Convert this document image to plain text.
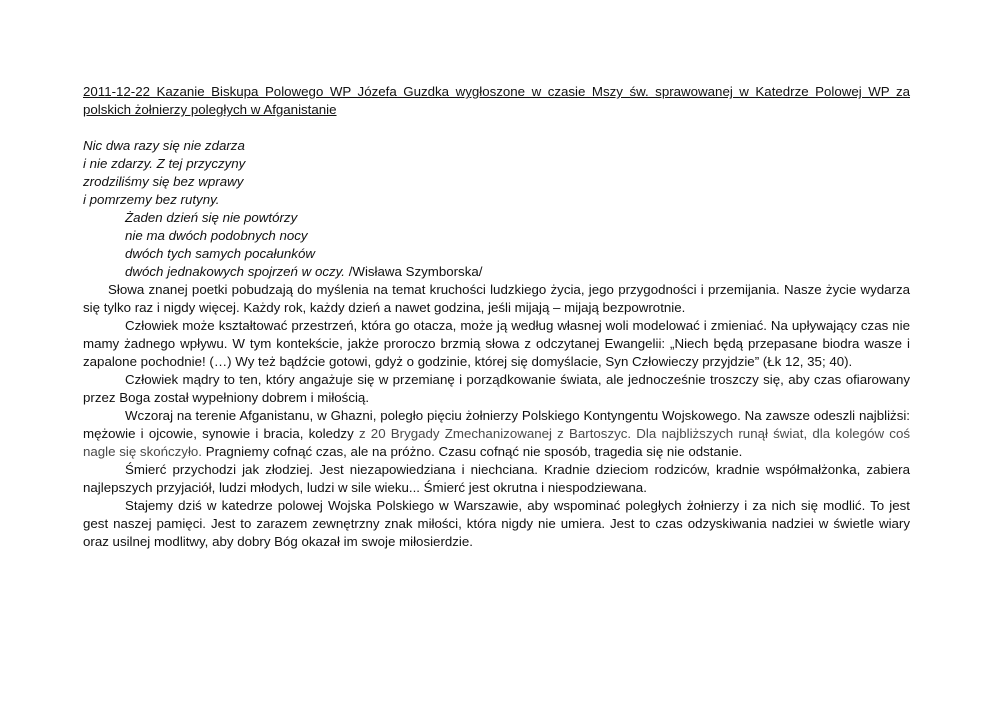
2011-12-22 Kazanie Biskupa Polowego WP Józefa Guzdka wygłoszone w czasie Mszy św. sprawowanej w Katedrze Polowej WP za polskich żołnierzy poległych w Afganistanie
Nic dwa razy się nie zdarza
i nie zdarzy. Z tej przyczyny
zrodziliśmy się bez wprawy
i pomrzemy bez rutyny.
Żaden dzień się nie powtórzy
nie ma dwóch podobnych nocy
dwóch tych samych pocałunków
dwóch jednakowych spojrzeń w oczy. /Wisława Szymborska/

Słowa znanej poetki pobudzają do myślenia na temat kruchości ludzkiego życia, jego przygodności i przemijania. Nasze życie wydarza się tylko raz i nigdy więcej. Każdy rok, każdy dzień a nawet godzina, jeśli mijają – mijają bezpowrotnie.

Człowiek może kształtować przestrzeń, która go otacza, może ją według własnej woli modelować i zmieniać. Na upływający czas nie mamy żadnego wpływu. W tym kontekście, jakże proroczo brzmią słowa z odczytanej Ewangelii: „Niech będą przepasane biodra wasze i zapalone pochodnie! (…) Wy też bądźcie gotowi, gdyż o godzinie, której się domyślacie, Syn Człowieczy przyjdzie” (Łk 12, 35; 40).

Człowiek mądry to ten, który angażuje się w przemianę i porządkowanie świata, ale jednocześnie troszczy się, aby czas ofiarowany przez Boga został wypełniony dobrem i miłością.

Wczoraj na terenie Afganistanu, w Ghazni, poległo pięciu żołnierzy Polskiego Kontyngentu Wojskowego. Na zawsze odeszli najbliżsi: mężowie i ojcowie, synowie i bracia, koledzy z 20 Brygady Zmechanizowanej z Bartoszyc. Dla najbliższych runął świat, dla kolegów coś nagle się skończyło. Pragniemy cofnąć czas, ale na próżno. Czasu cofnąć nie sposób, tragedia się nie odstanie.

Śmierć przychodzi jak złodziej. Jest niezapowiedziana i niechciana. Kradnie dzieciom rodziców, kradnie współmałżonka, zabiera najlepszych przyjaciół, ludzi młodych, ludzi w sile wieku... Śmierć jest okrutna i niespodziewana.

Stajemy dziś w katedrze polowej Wojska Polskiego w Warszawie, aby wspominać poległych żołnierzy i za nich się modlić. To jest gest naszej pamięci. Jest to zarazem zewnętrzny znak miłości, która nigdy nie umiera. Jest to czas odzyskiwania nadziei w świetle wiary oraz usilnej modlitwy, aby dobry Bóg okazał im swoje miłosierdzie.
